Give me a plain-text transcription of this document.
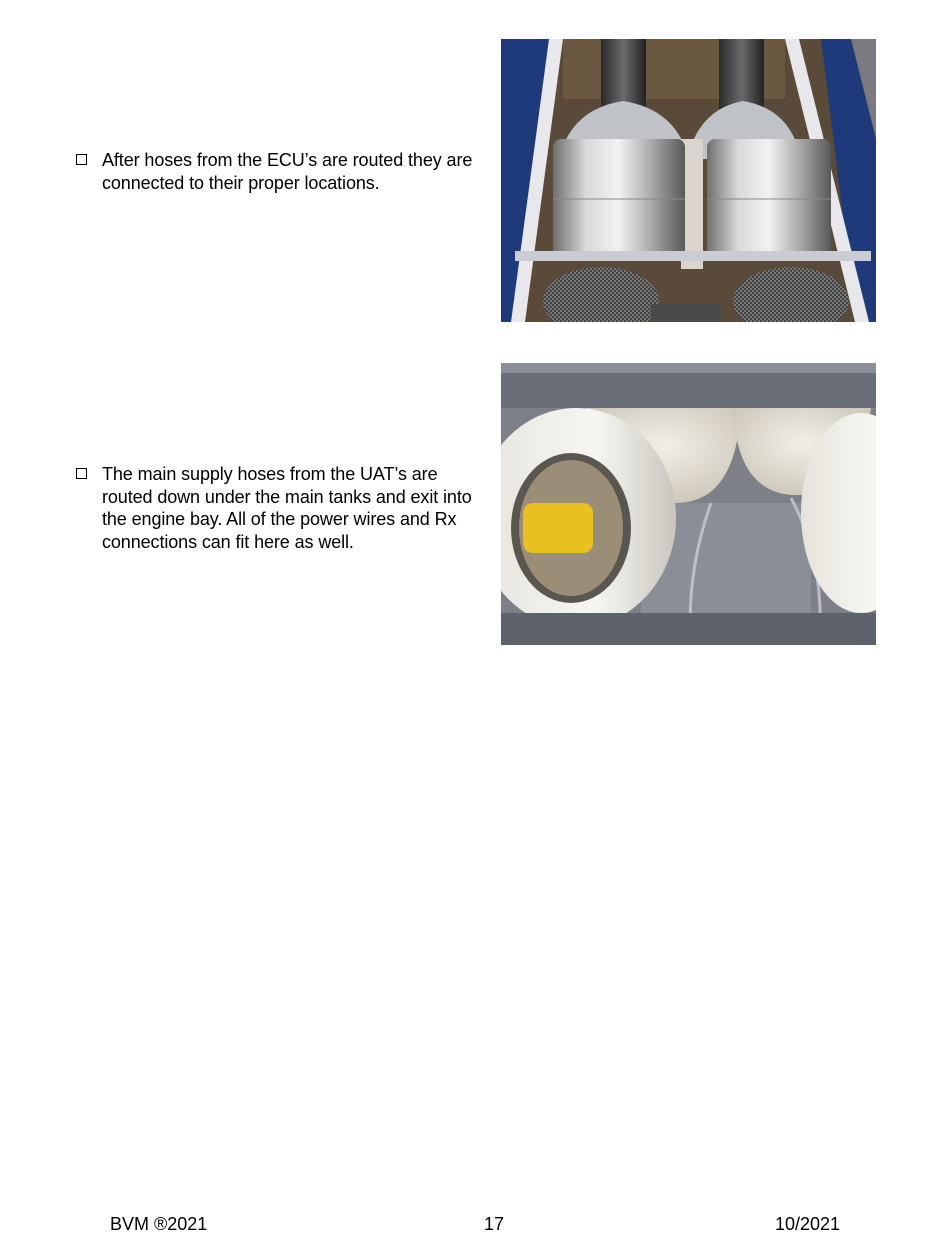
After hoses from the ECU’s are routed they are connected to their proper locations.
The main supply hoses from the UAT’s are routed down under the main tanks and exit into the engine bay. All of the power wires and Rx connections can fit here as well.
BVM ®2021	17	10/2021
